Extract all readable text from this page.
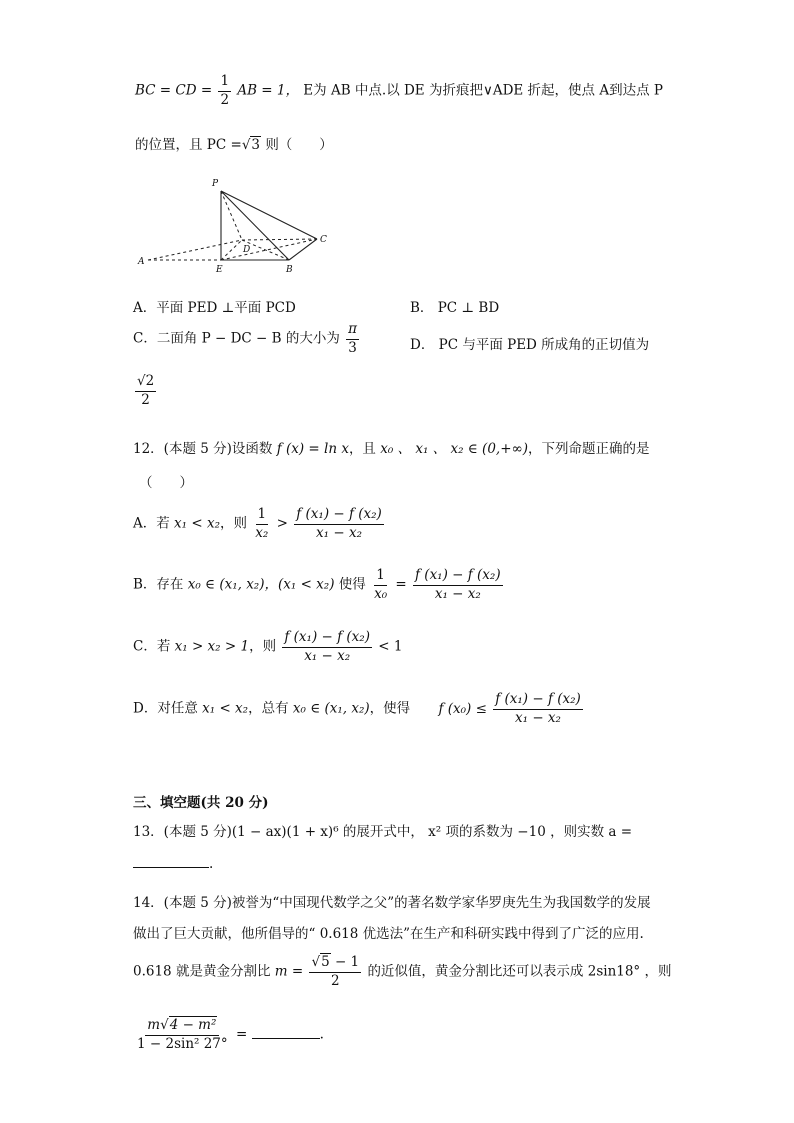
BC = CD = $\frac{1}{2}$ AB = 1， E为 AB 中点.以 DE 为折痕把∨ADE 折起，使点 A到达点 P
的位置，且 PC =√3 则（　　）
P
C
D
A
E	B
A．平面 PED ⊥平面 PCD	B． PC ⊥ BD
C．二面角 P − DC − B 的大小为 $\frac{\pi}{3}$	D． PC 与平面 PED 所成角的正切值为
$\frac{√2}{2}$
12．(本题 5 分)设函数 f (x) = ln x，且 x₀ 、 x₁ 、 x₂ ∈ (0,+∞)，下列命题正确的是
（　　）
A．若 x₁ < x₂，则 $\frac{1}{\text{x₂}} > \frac{\text{f (x₁) − f (x₂)}}{\text{x₁ − x₂}}$
B．存在 x₀ ∈ (x₁, x₂)，(x₁ < x₂) 使得 $\frac{1}{\text{x₀}} = \frac{\text{f (x₁) − f (x₂)}}{\text{x₁ − x₂}}$
C．若 x₁ > x₂ > 1，则 $\frac{\text{f (x₁) − f (x₂)}}{\text{x₁ − x₂}} < 1$
D．对任意 x₁ < x₂，总有 x₀ ∈ (x₁, x₂)，使得 f $(x_0) \le \frac{\text{f (x₁) − f (x₂)}}{\text{x₁ − x₂}}$
三、填空题(共 20 分)
13．(本题 5 分)(1 − ax)(1 + x)⁶ 的展开式中， x² 项的系数为 −10 ，则实数 a =
.
14．(本题 5 分)被誉为“中国现代数学之父”的著名数学家华罗庚先生为我国数学的发展
做出了巨大贡献，他所倡导的“ 0.618 优选法”在生产和科研实践中得到了广泛的应用.
0.618 就是黄金分割比 $m = \frac{√5 - 1}{2}$ 的近似值，黄金分割比还可以表示成 2sin18° ，则
$\frac{\text{m√4 − m²}}{\text{1 − 2sin² 27°}}$ =	.
